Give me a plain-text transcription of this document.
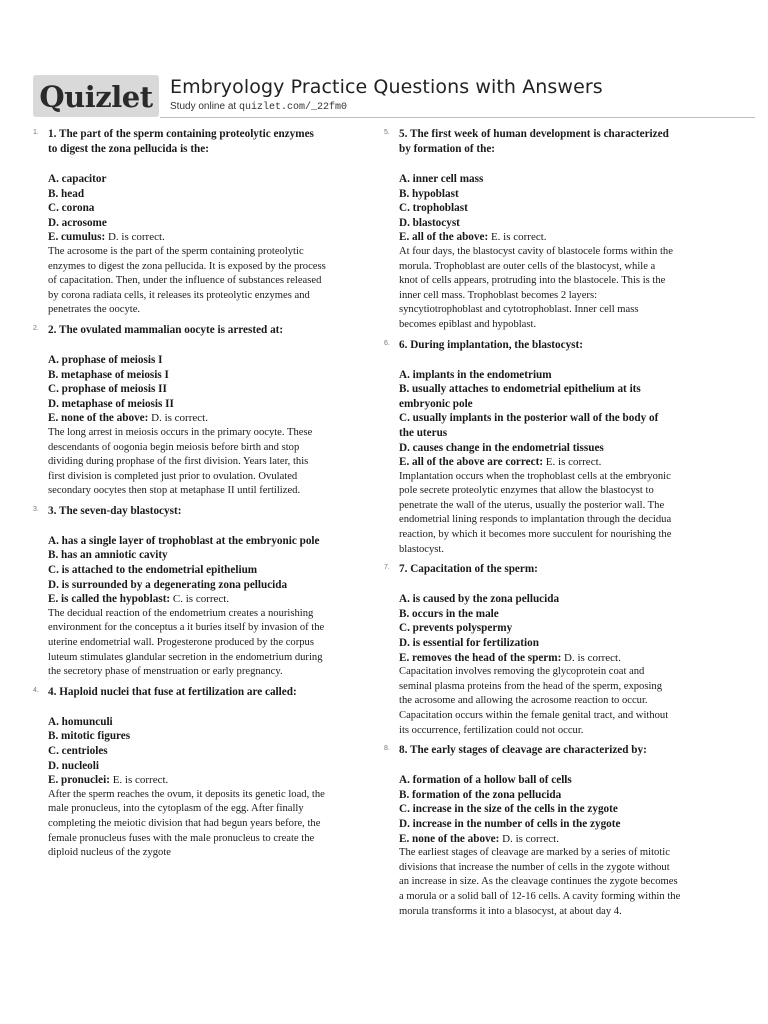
Quizlet Embryology Practice Questions with Answers
Study online at quizlet.com/_22fm0
1. 1. The part of the sperm containing proteolytic enzymes
to digest the zona pellucida is the:
A. capacitor
B. head
C. corona
D. acrosome
E. cumulus: D. is correct.
The acrosome is the part of the sperm containing proteolytic
enzymes to digest the zona pellucida. It is exposed by the process
of capacitation. Then, under the influence of substances released
by corona radiata cells, it releases its proteolytic enzymes and
penetrates the oocyte.
2. 2. The ovulated mammalian oocyte is arrested at:
A. prophase of meiosis I
B. metaphase of meiosis I
C. prophase of meiosis II
D. metaphase of meiosis II
E. none of the above: D. is correct.
The long arrest in meiosis occurs in the primary oocyte. These
descendants of oogonia begin meiosis before birth and stop
dividing during prophase of the first division. Years later, this
first division is completed just prior to ovulation. Ovulated
secondary oocytes then stop at metaphase II until fertilized.
3. 3. The seven-day blastocyst:
A. has a single layer of trophoblast at the embryonic pole
B. has an amniotic cavity
C. is attached to the endometrial epithelium
D. is surrounded by a degenerating zona pellucida
E. is called the hypoblast: C. is correct.
The decidual reaction of the endometrium creates a nourishing
environment for the conceptus a it buries itself by invasion of the
uterine endometrial wall. Progesterone produced by the corpus
luteum stimulates glandular secretion in the endometrium during
the secretory phase of menstruation or early pregnancy.
4. 4. Haploid nuclei that fuse at fertilization are called:
A. homunculi
B. mitotic figures
C. centrioles
D. nucleoli
E. pronuclei: E. is correct.
After the sperm reaches the ovum, it deposits its genetic load, the
male pronucleus, into the cytoplasm of the egg. After finally
completing the meiotic division that had begun years before, the
female pronucleus fuses with the male pronucleus to create the
diploid nucleus of the zygote
5. 5. The first week of human development is characterized
by formation of the:
A. inner cell mass
B. hypoblast
C. trophoblast
D. blastocyst
E. all of the above: E. is correct.
At four days, the blastocyst cavity of blastocele forms within the
morula. Trophoblast are outer cells of the blastocyst, while a
knot of cells appears, protruding into the blastocele. This is the
inner cell mass. Trophoblast becomes 2 layers:
syncytiotrophoblast and cytotrophoblast. Inner cell mass
becomes epiblast and hypoblast.
6. 6. During implantation, the blastocyst:
A. implants in the endometrium
B. usually attaches to endometrial epithelium at its
embryonic pole
C. usually implants in the posterior wall of the body of
the uterus
D. causes change in the endometrial tissues
E. all of the above are correct: E. is correct.
Implantation occurs when the trophoblast cells at the embryonic
pole secrete proteolytic enzymes that allow the blastocyst to
penetrate the wall of the uterus, usually the posterior wall. The
endometrial lining responds to implantation through the decidua
reaction, by which it becomes more succulent for nourishing the
blastocyst.
7. 7. Capacitation of the sperm:
A. is caused by the zona pellucida
B. occurs in the male
C. prevents polyspermy
D. is essential for fertilization
E. removes the head of the sperm: D. is correct.
Capacitation involves removing the glycoprotein coat and
seminal plasma proteins from the head of the sperm, exposing
the acrosome and allowing the acrosome reaction to occur.
Capacitation occurs within the female genital tract, and without
its occurrence, fertilization could not occur.
8. 8. The early stages of cleavage are characterized by:
A. formation of a hollow ball of cells
B. formation of the zona pellucida
C. increase in the size of the cells in the zygote
D. increase in the number of cells in the zygote
E. none of the above: D. is correct.
The earliest stages of cleavage are marked by a series of mitotic
divisions that increase the number of cells in the zygote without
an increase in size. As the cleavage continues the zygote becomes
a morula or a solid ball of 12-16 cells. A cavity forming within the
morula transforms it into a blasocyst, at about day 4.
